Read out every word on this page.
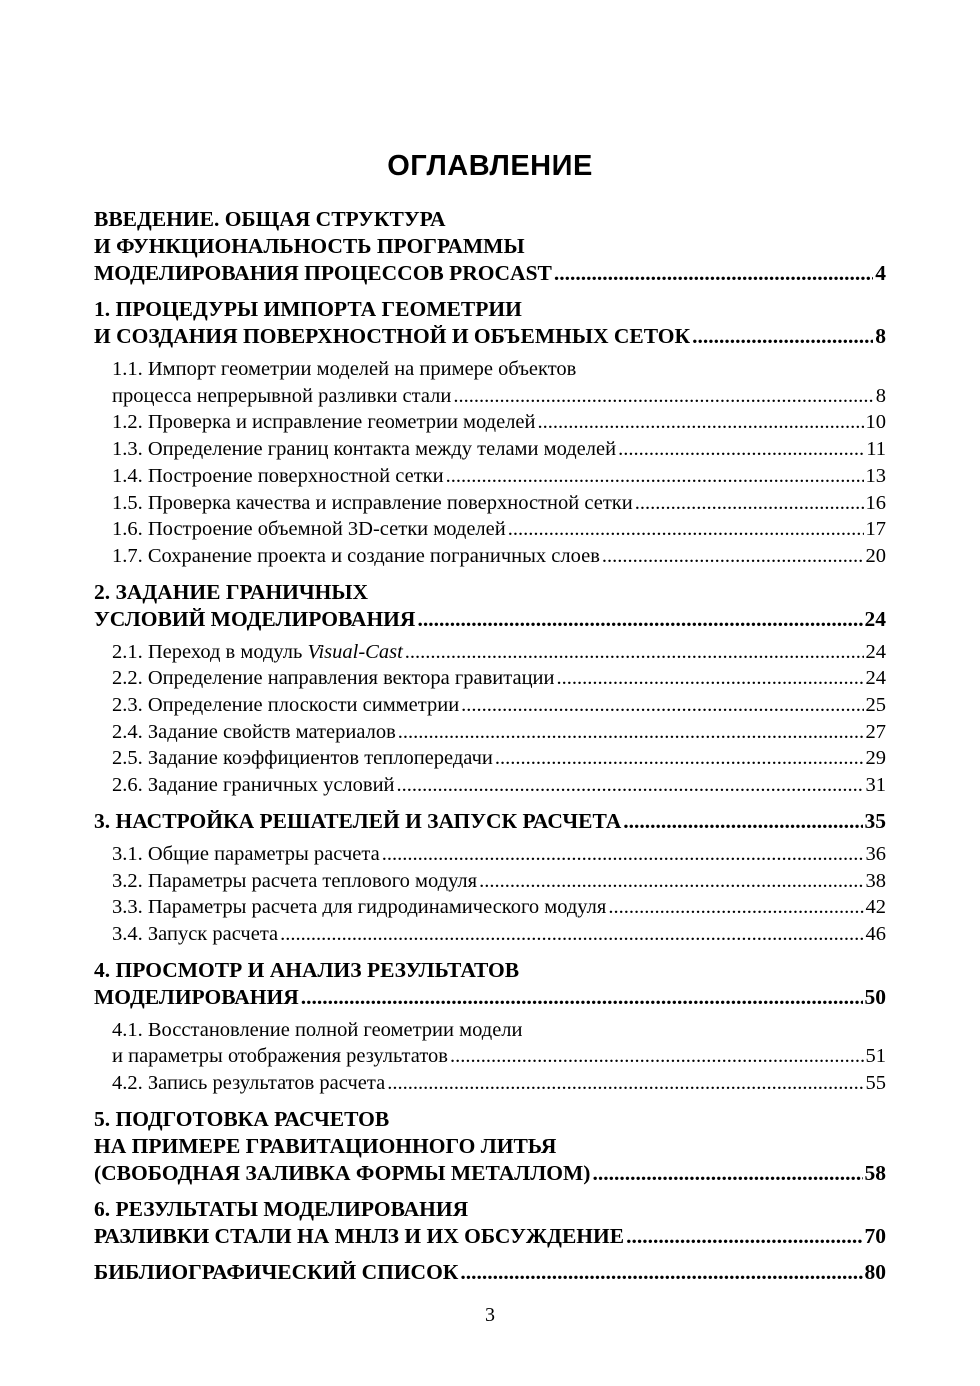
ОГЛАВЛЕНИЕ
ВВЕДЕНИЕ. ОБЩАЯ СТРУКТУРА
И ФУНКЦИОНАЛЬНОСТЬ ПРОГРАММЫ
МОДЕЛИРОВАНИЯ ПРОЦЕССОВ PROCAST .....	4
1. ПРОЦЕДУРЫ ИМПОРТА ГЕОМЕТРИИ
И СОЗДАНИЯ ПОВЕРХНОСТНОЙ И ОБЪЕМНЫХ СЕТОК .....	8
1.1. Импорт геометрии моделей на примере объектов
процесса непрерывной разливки стали .....	8
1.2. Проверка и исправление геометрии моделей .....	10
1.3. Определение границ контакта между телами моделей .....	11
1.4. Построение поверхностной сетки .....	13
1.5. Проверка качества и исправление поверхностной сетки .....	16
1.6. Построение объемной 3D-сетки моделей .....	17
1.7. Сохранение проекта и создание пограничных слоев .....	20
2. ЗАДАНИЕ ГРАНИЧНЫХ
УСЛОВИЙ МОДЕЛИРОВАНИЯ .....	24
2.1. Переход в модуль Visual-Cast .....	24
2.2. Определение направления вектора гравитации .....	24
2.3. Определение плоскости симметрии .....	25
2.4. Задание свойств материалов .....	27
2.5. Задание коэффициентов теплопередачи .....	29
2.6. Задание граничных условий .....	31
3. НАСТРОЙКА РЕШАТЕЛЕЙ И ЗАПУСК РАСЧЕТА .....	35
3.1. Общие параметры расчета .....	36
3.2. Параметры расчета теплового модуля .....	38
3.3. Параметры расчета для гидродинамического модуля .....	42
3.4. Запуск расчета .....	46
4. ПРОСМОТР И АНАЛИЗ РЕЗУЛЬТАТОВ
МОДЕЛИРОВАНИЯ .....	50
4.1. Восстановление полной геометрии модели
и параметры отображения результатов .....	51
4.2. Запись результатов расчета .....	55
5. ПОДГОТОВКА РАСЧЕТОВ
НА ПРИМЕРЕ ГРАВИТАЦИОННОГО ЛИТЬЯ
(СВОБОДНАЯ ЗАЛИВКА ФОРМЫ МЕТАЛЛОМ) .....	58
6. РЕЗУЛЬТАТЫ МОДЕЛИРОВАНИЯ
РАЗЛИВКИ СТАЛИ НА МНЛЗ И ИХ ОБСУЖДЕНИЕ .....	70
БИБЛИОГРАФИЧЕСКИЙ СПИСОК .....	80
3
